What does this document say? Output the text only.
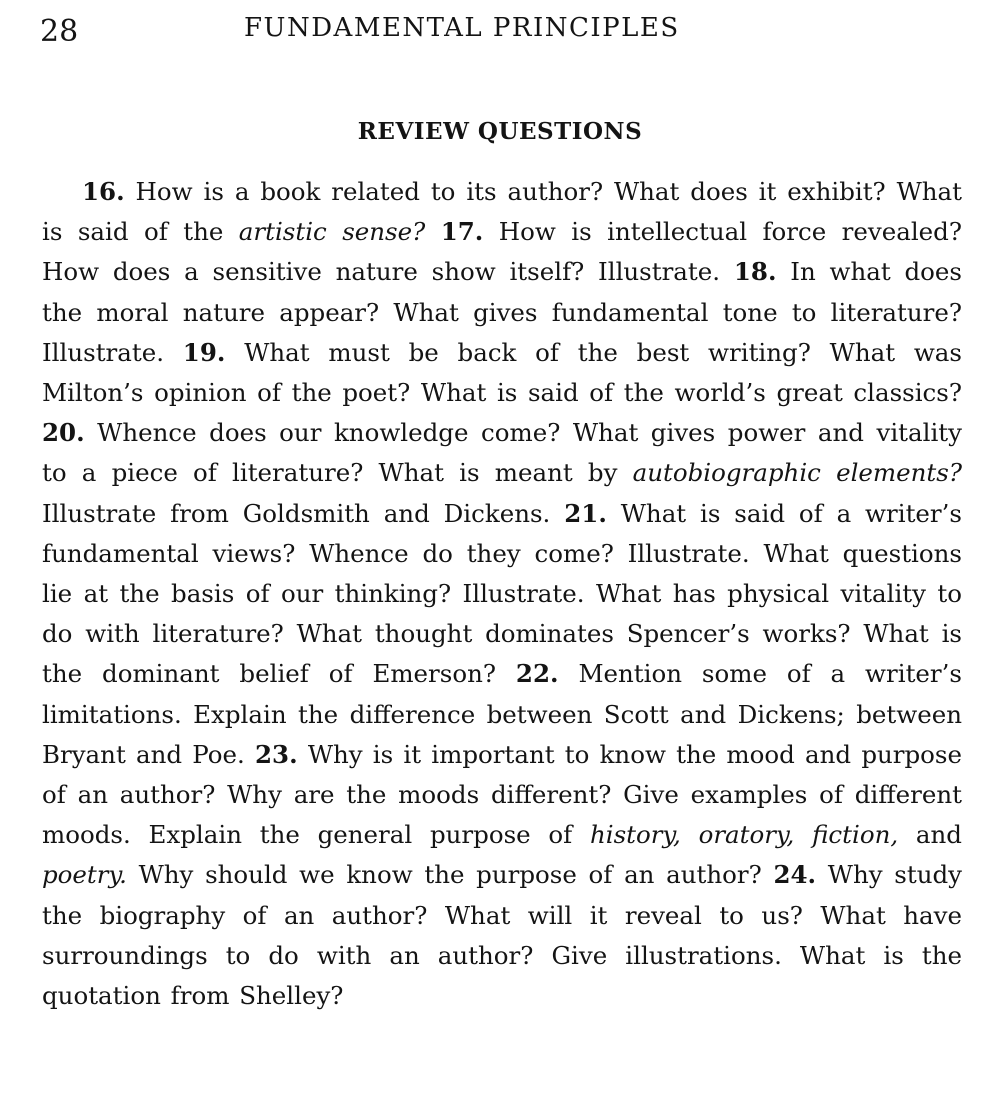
28	FUNDAMENTAL PRINCIPLES
REVIEW QUESTIONS

16. How is a book related to its author? What does it exhibit? What is said of the artistic sense? 17. How is intellectual force revealed? How does a sensitive nature show itself? Illustrate. 18. In what does the moral nature appear? What gives fundamental tone to literature? Illustrate. 19. What must be back of the best writing? What was Milton’s opinion of the poet? What is said of the world’s great classics? 20. Whence does our knowledge come? What gives power and vitality to a piece of literature? What is meant by autobiographic elements? Illustrate from Goldsmith and Dickens. 21. What is said of a writer’s fundamental views? Whence do they come? Illustrate. What questions lie at the basis of our thinking? Illustrate. What has physical vitality to do with literature? What thought dominates Spencer’s works? What is the dominant belief of Emerson? 22. Mention some of a writer’s limitations. Explain the difference between Scott and Dickens; between Bryant and Poe. 23. Why is it important to know the mood and purpose of an author? Why are the moods different? Give examples of different moods. Explain the general purpose of history, oratory, fiction, and poetry. Why should we know the purpose of an author? 24. Why study the biography of an author? What will it reveal to us? What have surroundings to do with an author? Give illustrations. What is the quotation from Shelley?
